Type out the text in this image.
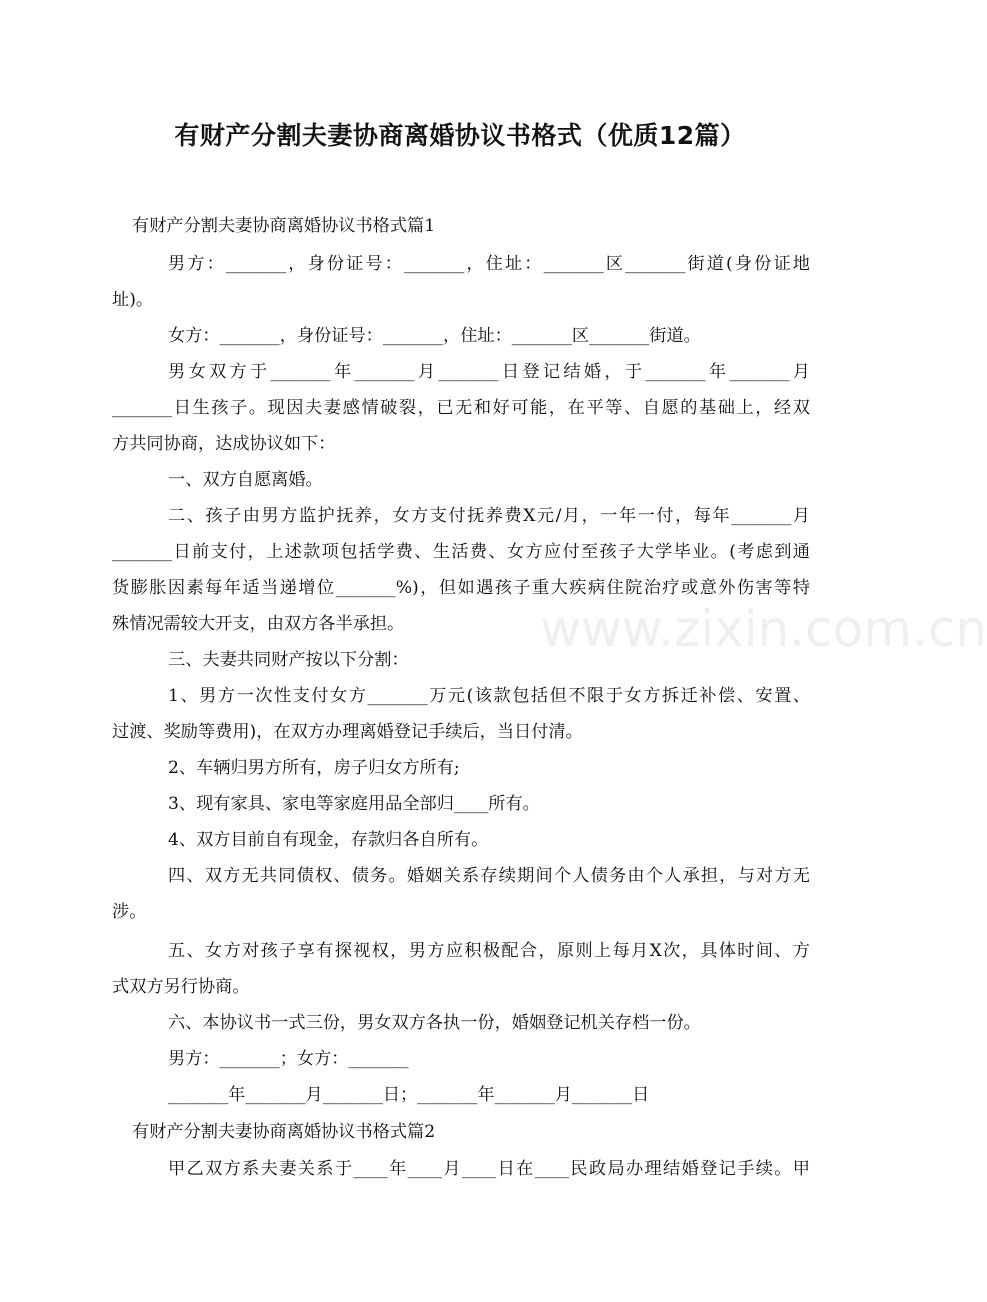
www.zixin.com.cn
有财产分割夫妻协商离婚协议书格式（优质12篇）
有财产分割夫妻协商离婚协议书格式篇1
男方：_______，身份证号：_______，住址：_______区_______街道(身份证地
址)。
女方：_______，身份证号：_______，住址：_______区_______街道。
男女双方于_______年_______月_______日登记结婚，于_______年_______月
_______日生孩子。现因夫妻感情破裂，已无和好可能，在平等、自愿的基础上，经双
方共同协商，达成协议如下：
一、双方自愿离婚。
二、孩子由男方监护抚养，女方支付抚养费X元/月，一年一付，每年_______月
_______日前支付，上述款项包括学费、生活费、女方应付至孩子大学毕业。(考虑到通
货膨胀因素每年适当递增位_______%)，但如遇孩子重大疾病住院治疗或意外伤害等特
殊情况需较大开支，由双方各半承担。
三、夫妻共同财产按以下分割：
1、男方一次性支付女方_______万元(该款包括但不限于女方拆迁补偿、安置、
过渡、奖励等费用)，在双方办理离婚登记手续后，当日付清。
2、车辆归男方所有，房子归女方所有;
3、现有家具、家电等家庭用品全部归____所有。
4、双方目前自有现金，存款归各自所有。
四、双方无共同债权、债务。婚姻关系存续期间个人债务由个人承担，与对方无
涉。
五、女方对孩子享有探视权，男方应积极配合，原则上每月X次，具体时间、方
式双方另行协商。
六、本协议书一式三份，男女双方各执一份，婚姻登记机关存档一份。
男方：_______；女方：_______
_______年_______月_______日；_______年_______月_______日
有财产分割夫妻协商离婚协议书格式篇2
甲乙双方系夫妻关系于____年____月____日在____民政局办理结婚登记手续。甲
